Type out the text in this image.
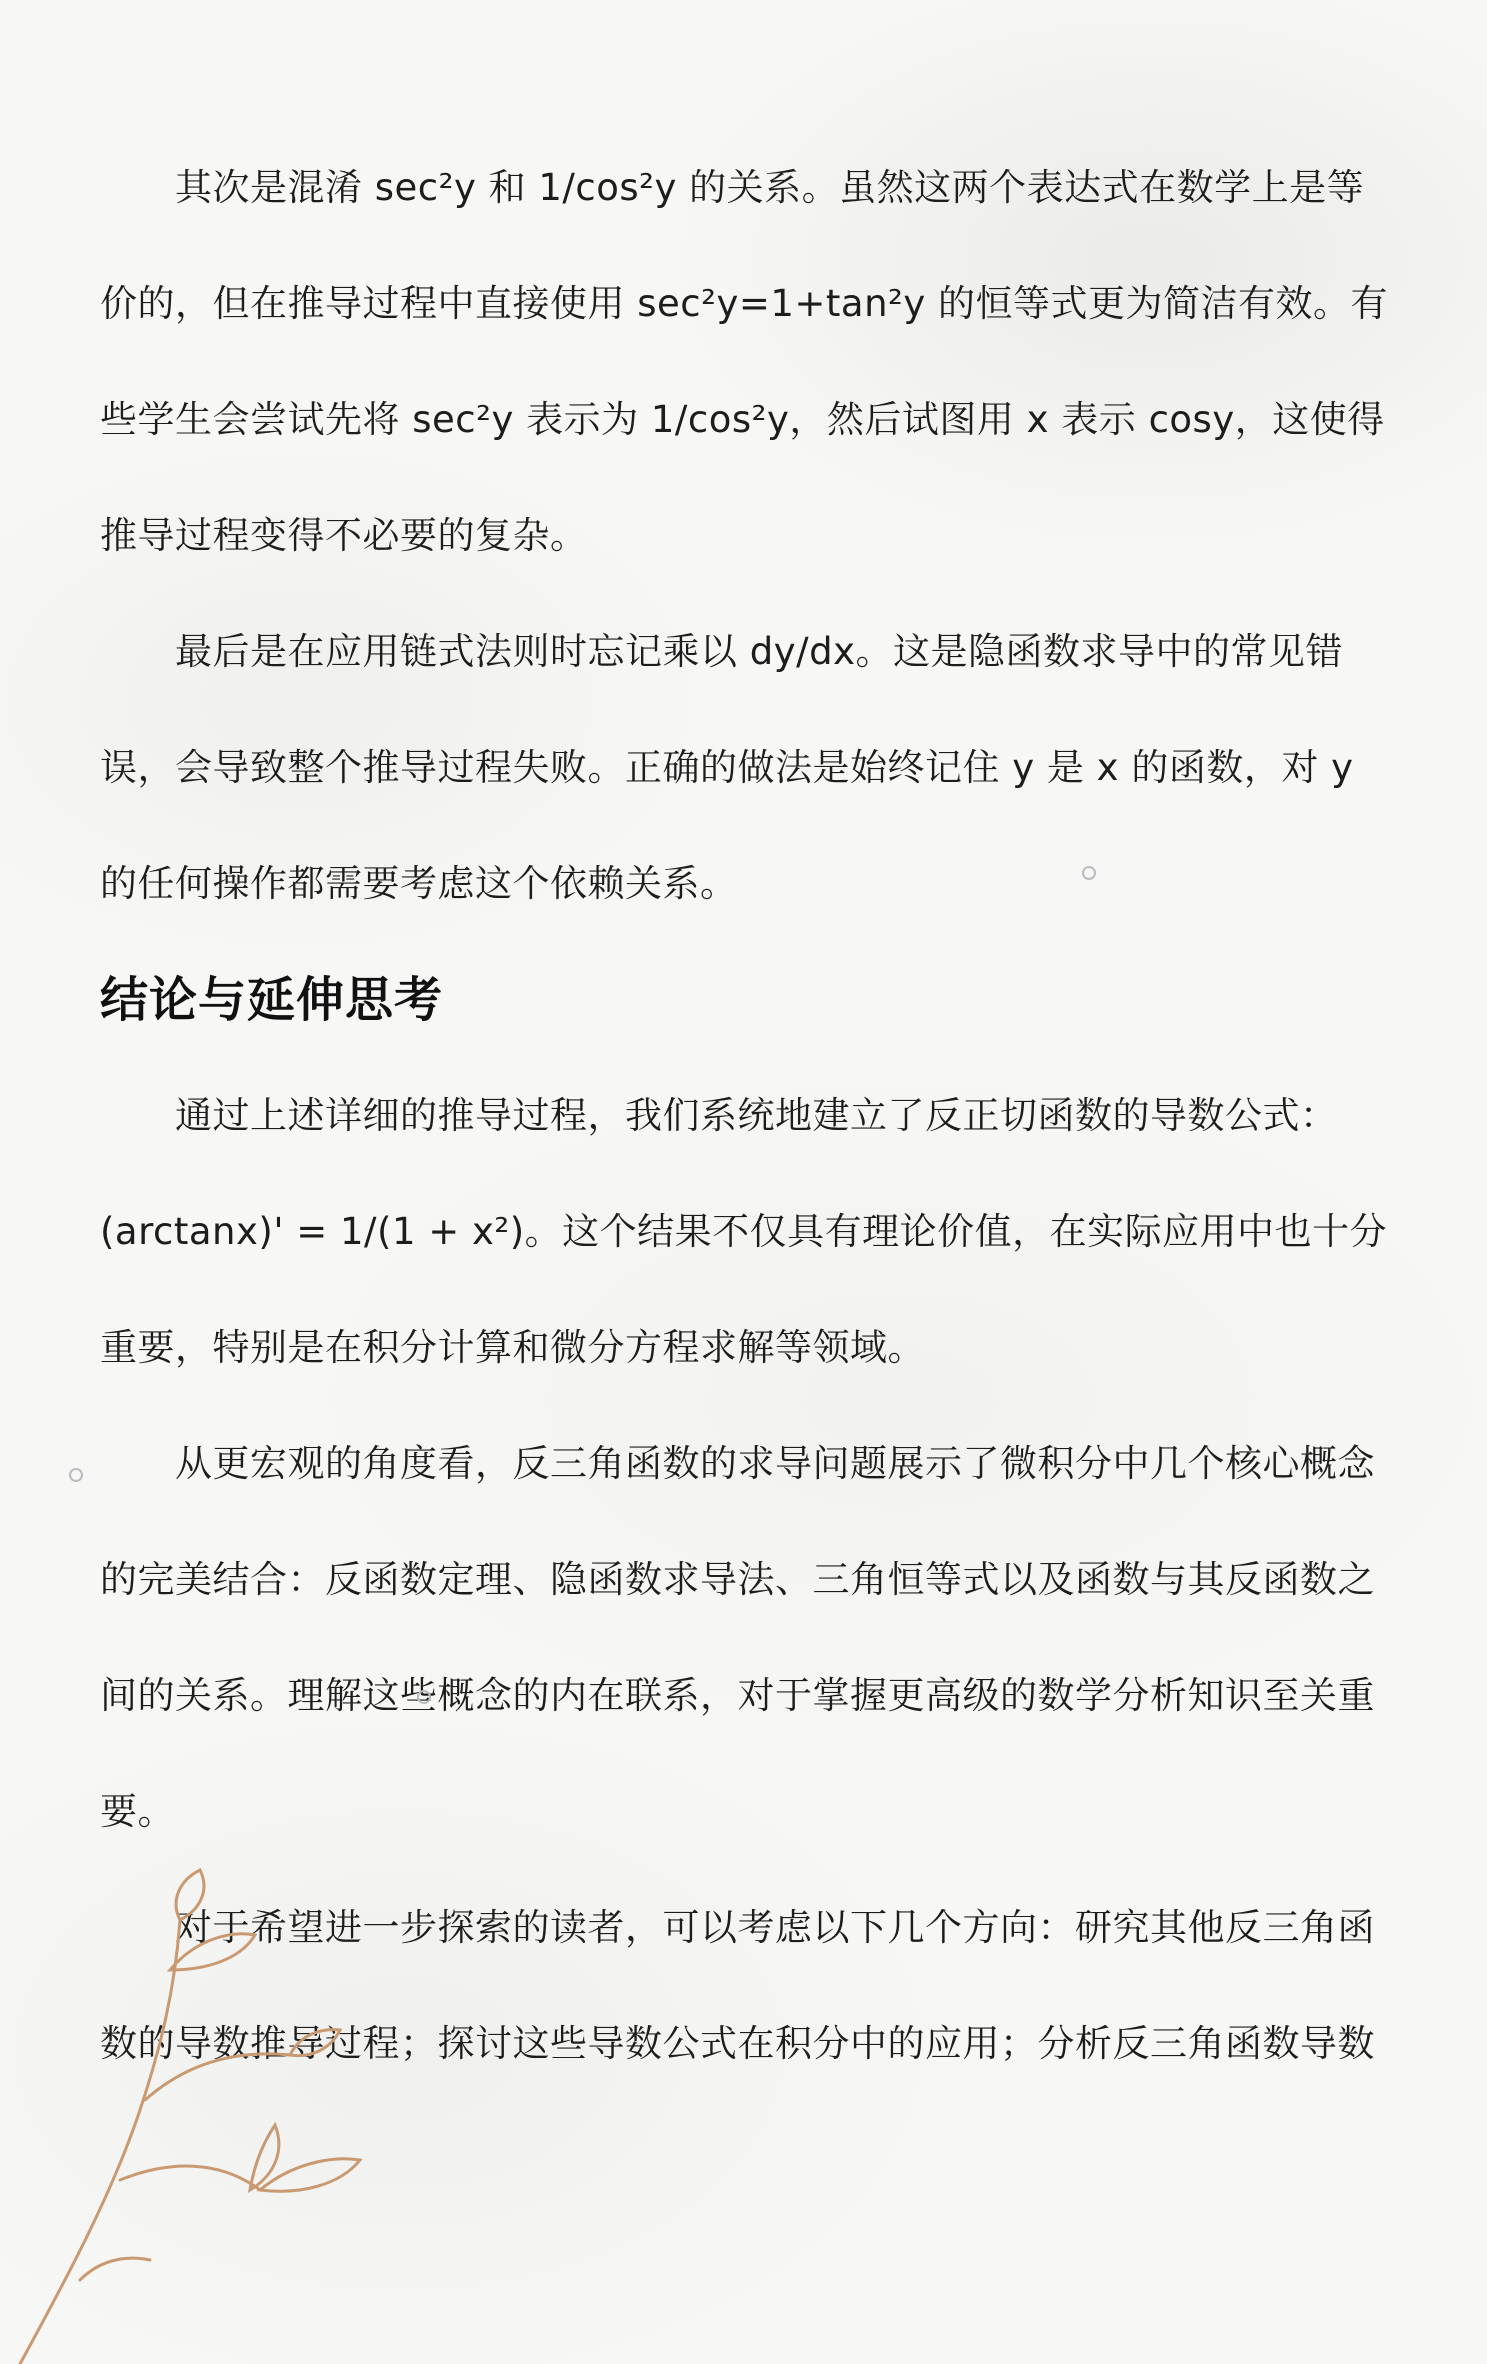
其次是混淆 sec²y 和 1/cos²y 的关系。虽然这两个表达式在数学上是等价的，但在推导过程中直接使用 sec²y=1+tan²y 的恒等式更为简洁有效。有些学生会尝试先将 sec²y 表示为 1/cos²y，然后试图用 x 表示 cosy，这使得推导过程变得不必要的复杂。

最后是在应用链式法则时忘记乘以 dy/dx。这是隐函数求导中的常见错误，会导致整个推导过程失败。正确的做法是始终记住 y 是 x 的函数，对 y 的任何操作都需要考虑这个依赖关系。

结论与延伸思考

通过上述详细的推导过程，我们系统地建立了反正切函数的导数公式：(arctanx)' = 1/(1 + x²)。这个结果不仅具有理论价值，在实际应用中也十分重要，特别是在积分计算和微分方程求解等领域。

从更宏观的角度看，反三角函数的求导问题展示了微积分中几个核心概念的完美结合：反函数定理、隐函数求导法、三角恒等式以及函数与其反函数之间的关系。理解这些概念的内在联系，对于掌握更高级的数学分析知识至关重要。

对于希望进一步探索的读者，可以考虑以下几个方向：研究其他反三角函数的导数推导过程；探讨这些导数公式在积分中的应用；分析反三角函数导数
